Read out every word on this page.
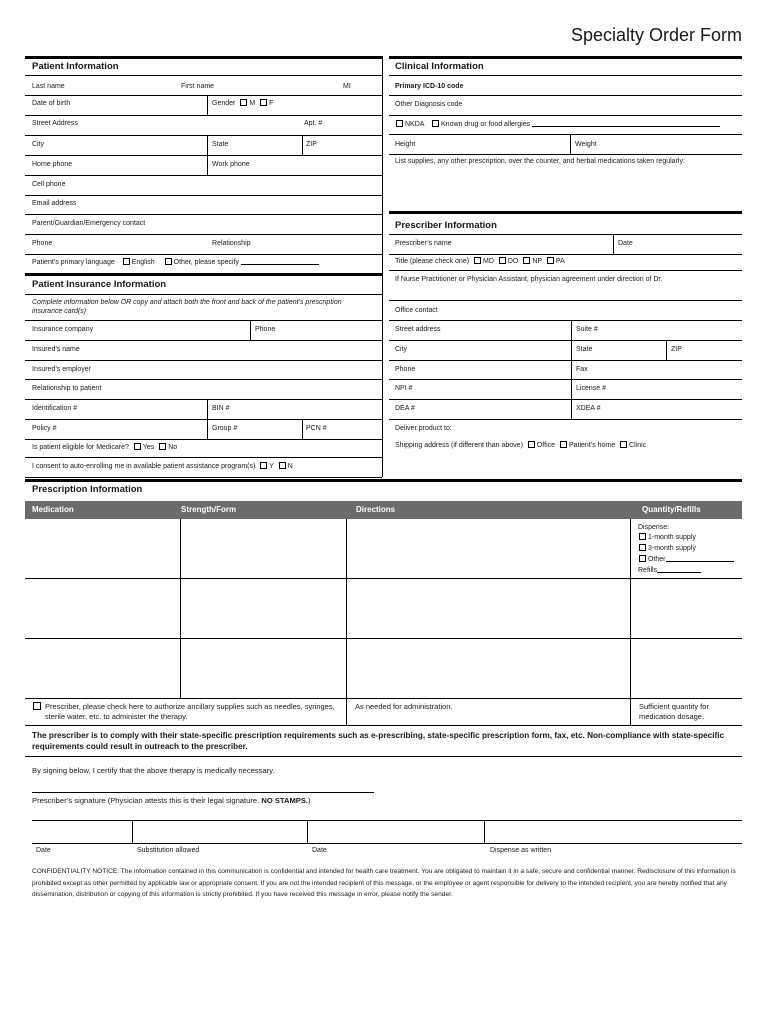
Specialty Order Form
Patient Information
Last name	First name	MI
Date of birth	Gender M F
Street Address	Apt. #
City	State	ZIP
Home phone	Work phone
Cell phone
Email address
Parent/Guardian/Emergency contact
Phone	Relationship
Patient’s primary language English	Other, please specify
Patient Insurance Information
Complete information below OR copy and attach both the front and back of the patient’s prescription insurance card(s)
Insurance company	Phone
Insured’s name
Insured’s employer
Relationship to patient
Identification #	BIN #
Policy #	Group #	PCN #
Is patient eligible for Medicare? Yes No
I consent to auto-enrolling me in available patient assistance program(s) Y N
Clinical Information
Primary ICD-10 code
Other Diagnosis code
NKDA Known drug or food allergies
Height	Weight
List supplies, any other prescription, over the counter, and herbal medications taken regularly:
Prescriber Information
Prescriber’s name	Date
Title (please check one) MD DO NP PA
If Nurse Practitioner or Physician Assistant, physician agreement under direction of Dr.
Office contact
Street address	Suite #
City	State	ZIP
Phone	Fax
NPI #	License #
DEA #	XDEA #
Deliver product to:
Shipping address (if different than above) Office Patient’s home Clinic
Prescription Information
Medication	Strength/Form	Directions	Quantity/Refills
Dispense:
1-month supply
3-month supply
Other
Refills
Prescriber, please check here to authorize ancillary supplies such as needles, syringes, sterile water, etc. to administer the therapy.
As needed for administration.	Sufficient quantity for medication dosage.
The prescriber is to comply with their state-specific prescription requirements such as e-prescribing, state-specific prescription form, fax, etc. Non-compliance with state-specific requirements could result in outreach to the prescriber.
By signing below, I certify that the above therapy is medically necessary.
Prescriber’s signature (Physician attests this is their legal signature. NO STAMPS.)
Date	Substitution allowed	Date	Dispense as written
CONFIDENTIALITY NOTICE: The information contained in this communication is confidential and intended for health care treatment. You are obligated to maintain it in a safe, secure and confidential manner. Redisclosure of this information is prohibited except as other permitted by applicable law or appropriate consent. If you are not the intended recipient of this message, or the employee or agent responsible for delivery to the intended recipient, you are hereby notified that any dissemination, distribution or copying of this information is strictly prohibited. If you have received this message in error, please notify the sender.
